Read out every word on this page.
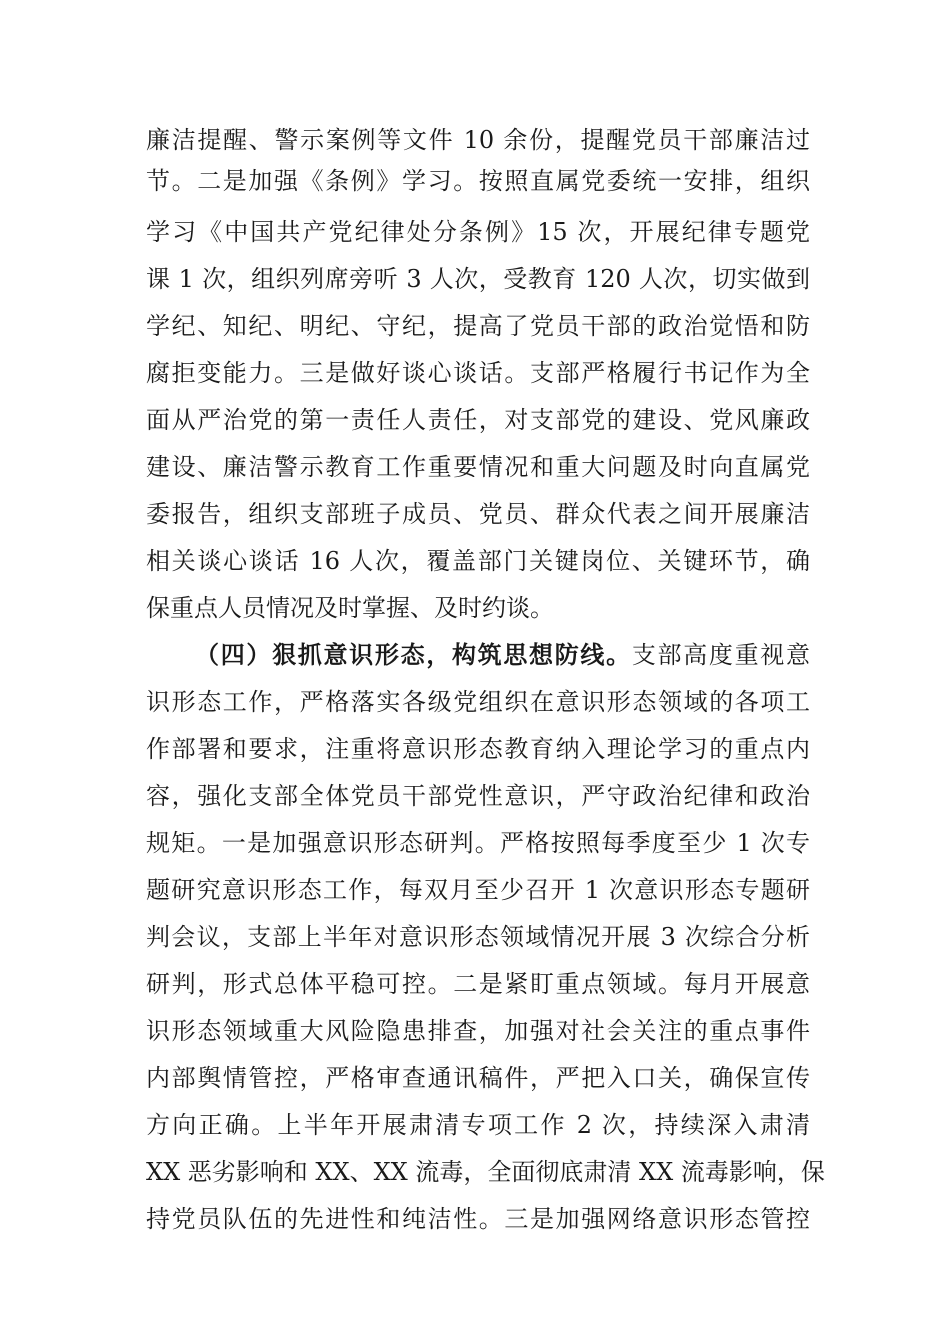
廉洁提醒、警示案例等文件 10 余份，提醒党员干部廉洁过
节。二是加强《条例》学习。按照直属党委统一安排，组织
学习《中国共产党纪律处分条例》15 次，开展纪律专题党
课 1 次，组织列席旁听 3 人次，受教育 120 人次，切实做到
学纪、知纪、明纪、守纪，提高了党员干部的政治觉悟和防
腐拒变能力。三是做好谈心谈话。支部严格履行书记作为全
面从严治党的第一责任人责任，对支部党的建设、党风廉政
建设、廉洁警示教育工作重要情况和重大问题及时向直属党
委报告，组织支部班子成员、党员、群众代表之间开展廉洁
相关谈心谈话 16 人次，覆盖部门关键岗位、关键环节，确
保重点人员情况及时掌握、及时约谈。
（四）狠抓意识形态，构筑思想防线。支部高度重视意
识形态工作，严格落实各级党组织在意识形态领域的各项工
作部署和要求，注重将意识形态教育纳入理论学习的重点内
容，强化支部全体党员干部党性意识，严守政治纪律和政治
规矩。一是加强意识形态研判。严格按照每季度至少 1 次专
题研究意识形态工作，每双月至少召开 1 次意识形态专题研
判会议，支部上半年对意识形态领域情况开展 3 次综合分析
研判，形式总体平稳可控。二是紧盯重点领域。每月开展意
识形态领域重大风险隐患排查，加强对社会关注的重点事件
内部舆情管控，严格审查通讯稿件，严把入口关，确保宣传
方向正确。上半年开展肃清专项工作 2 次，持续深入肃清
XX 恶劣影响和 XX、XX 流毒，全面彻底肃清 XX 流毒影响，保
持党员队伍的先进性和纯洁性。三是加强网络意识形态管控
